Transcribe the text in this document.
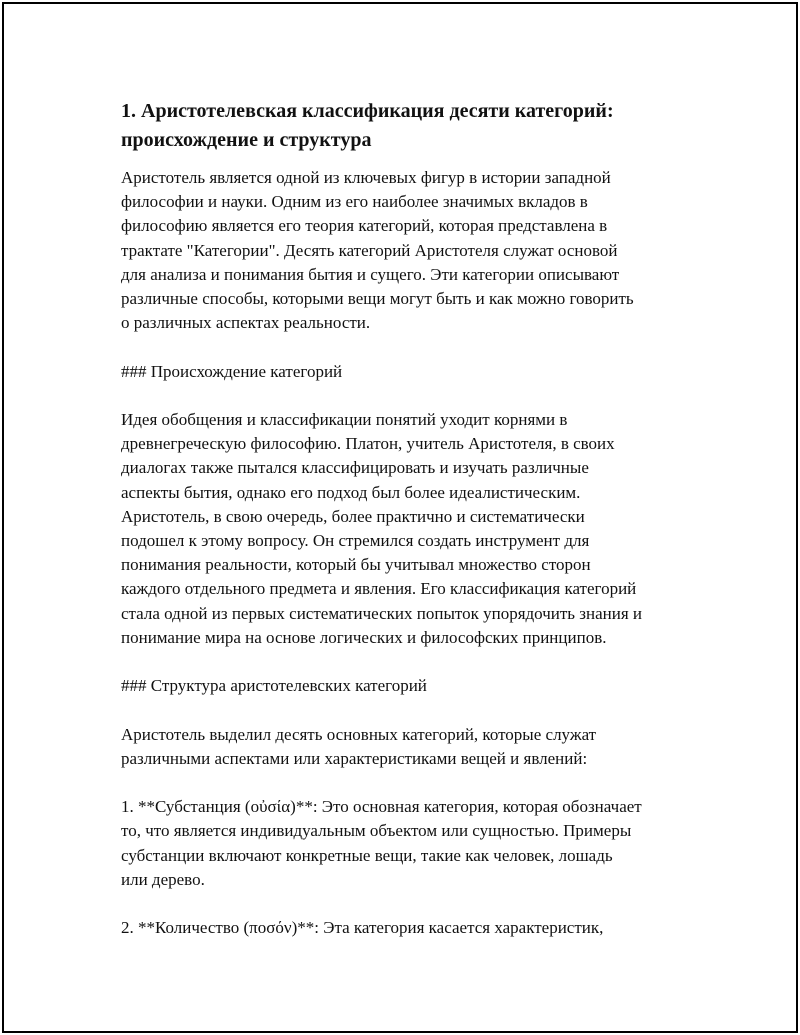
1. Аристотелевская классификация десяти категорий:
происхождение и структура

Аристотель является одной из ключевых фигур в истории западной
философии и науки. Одним из его наиболее значимых вкладов в
философию является его теория категорий, которая представлена в
трактате "Категории". Десять категорий Аристотеля служат основой
для анализа и понимания бытия и сущего. Эти категории описывают
различные способы, которыми вещи могут быть и как можно говорить
о различных аспектах реальности.

### Происхождение категорий

Идея обобщения и классификации понятий уходит корнями в
древнегреческую философию. Платон, учитель Аристотеля, в своих
диалогах также пытался классифицировать и изучать различные
аспекты бытия, однако его подход был более идеалистическим.
Аристотель, в свою очередь, более практично и систематически
подошел к этому вопросу. Он стремился создать инструмент для
понимания реальности, который бы учитывал множество сторон
каждого отдельного предмета и явления. Его классификация категорий
стала одной из первых систематических попыток упорядочить знания и
понимание мира на основе логических и философских принципов.

### Структура аристотелевских категорий

Аристотель выделил десять основных категорий, которые служат
различными аспектами или характеристиками вещей и явлений:

1. **Субстанция (οὐσία)**: Это основная категория, которая обозначает
то, что является индивидуальным объектом или сущностью. Примеры
субстанции включают конкретные вещи, такие как человек, лошадь
или дерево.

2. **Количество (ποσόν)**: Эта категория касается характеристик,
